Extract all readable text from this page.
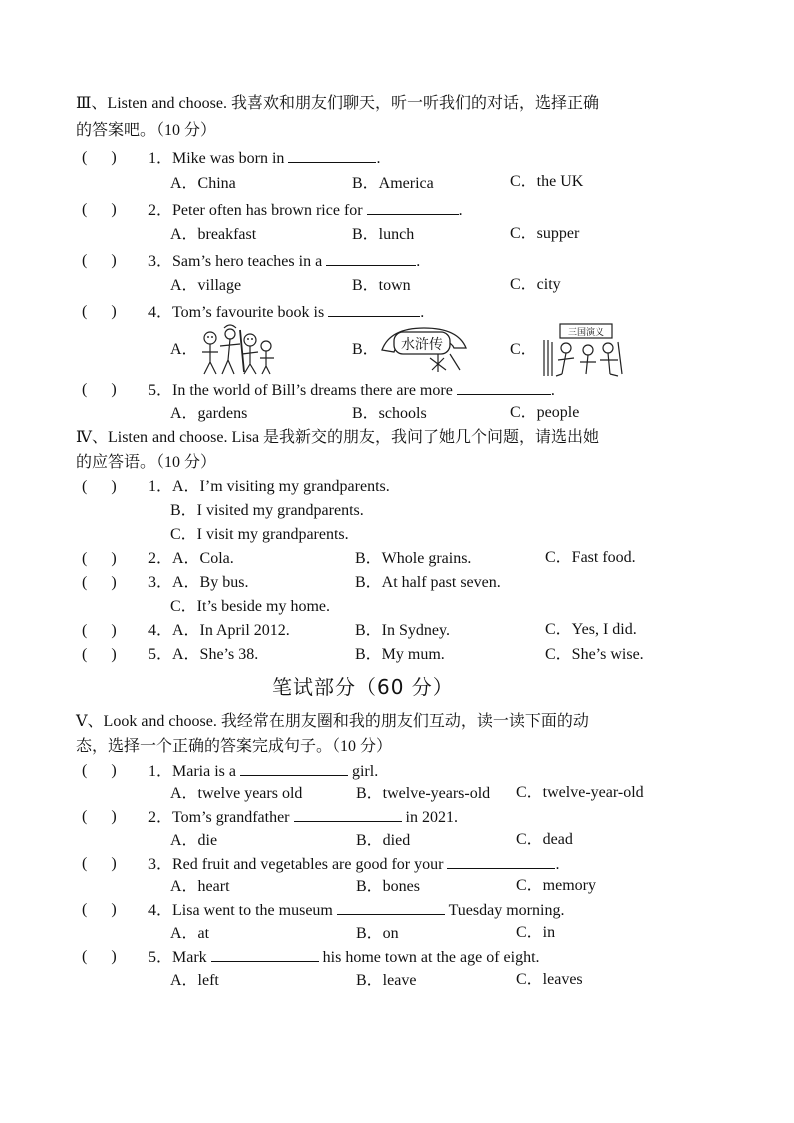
Ⅲ、Listen and choose. 我喜欢和朋友们聊天，听一听我们的对话，选择正确
的答案吧。（10 分）
(      ) 1．Mike was born in	.
A．China	B．America	C．the UK
(      ) 2．Peter often has brown rice for	.
A．breakfast	B．lunch	C．supper
(      ) 3．Sam’s hero teaches in a	.
A．village	B．town	C．city
(      ) 4．Tom’s favourite book is	.
A．	B． 水浒传	C．
三国演义
(      ) 5．In the world of Bill’s dreams there are more	.
A．gardens	B．schools	C．people
Ⅳ、Listen and choose. Lisa 是我新交的朋友，我问了她几个问题，请选出她
的应答语。（10 分）
(      ) 1．A．I’m visiting my grandparents.
B．I visited my grandparents.
C．I visit my grandparents.
(      ) 2．A．Cola.	B．Whole grains.	C．Fast food.
(      ) 3．A．By bus.	B．At half past seven.
C．It’s beside my home.
(      ) 4．A．In April 2012.	B．In Sydney.	C．Yes, I did.
(      ) 5．A．She’s 38.	B．My mum.	C．She’s wise.
笔试部分（60 分）
Ⅴ、Look and choose. 我经常在朋友圈和我的朋友们互动，读一读下面的动
态，选择一个正确的答案完成句子。（10 分）
(      ) 1．Maria is a	girl.
A．twelve years old	B．twelve-years-old C．twelve-year-old
(      ) 2．Tom’s grandfather	in 2021.
A．die	B．died	C．dead
(      ) 3．Red fruit and vegetables are good for your	.
A．heart	B．bones	C．memory
(      ) 4．Lisa went to the museum	Tuesday morning.
A．at	B．on	C．in
(      ) 5．Mark	his home town at the age of eight.
A．left	B．leave	C．leaves
